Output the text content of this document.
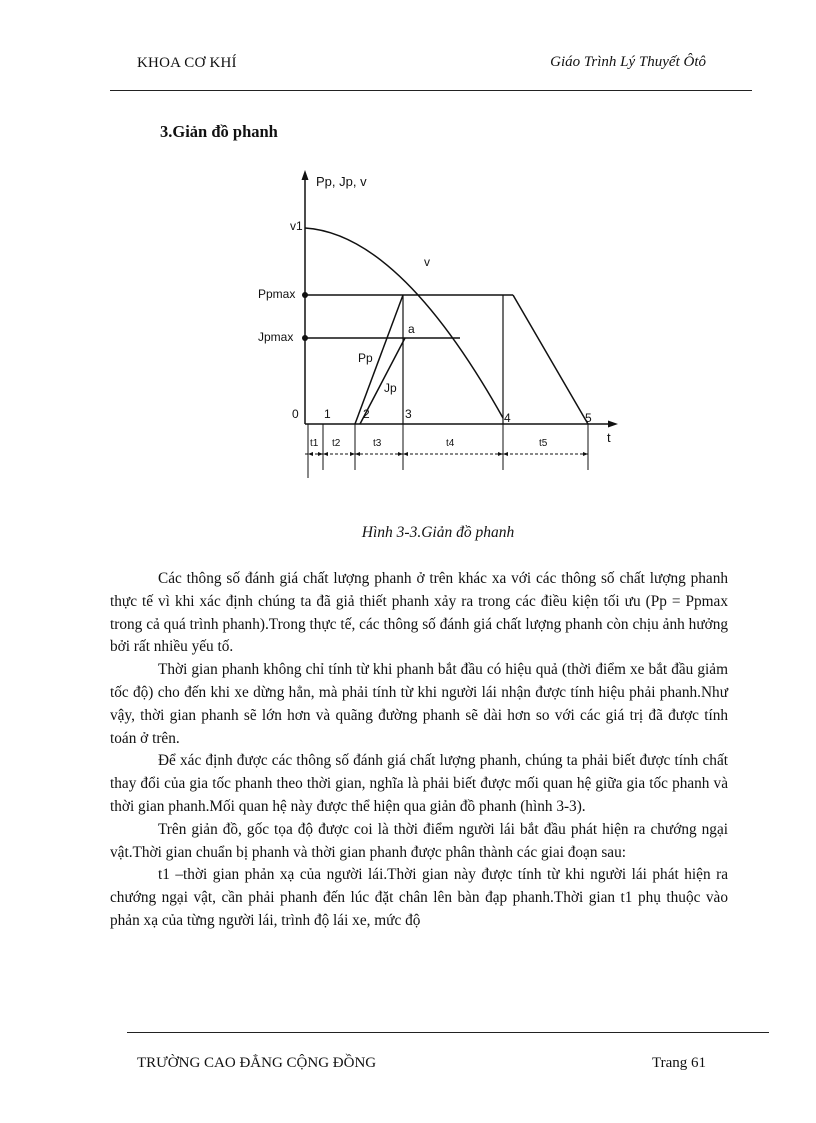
KHOA CƠ KHÍ	Giáo Trình Lý Thuyết Ôtô
3.Giản đồ phanh
Pp, Jp, v
t
v1
v
Ppmax
Jpmax
a
Pp
Jp
0 1	2	3	4	5
t1 t2	t3	t4	t5
Hình 3-3.Giản đồ phanh

Các thông số đánh giá chất lượng phanh ở trên khác xa với các thông số chất lượng phanh thực tế vì khi xác định chúng ta đã giả thiết phanh xảy ra trong các điều kiện tối ưu (Pp = Ppmax trong cả quá trình phanh).Trong thực tế, các thông số đánh giá chất lượng phanh còn chịu ảnh hưởng bởi rất nhiều yếu tố.

Thời gian phanh không chỉ tính từ khi phanh bắt đầu có hiệu quả (thời điểm xe bắt đầu giảm tốc độ) cho đến khi xe dừng hẳn, mà phải tính từ khi người lái nhận được tính hiệu phải phanh.Như vậy, thời gian phanh sẽ lớn hơn và quãng đường phanh sẽ dài hơn so với các giá trị đã được tính toán ở trên.

Để xác định được các thông số đánh giá chất lượng phanh, chúng ta phải biết được tính chất thay đổi của gia tốc phanh theo thời gian, nghĩa là phải biết được mối quan hệ giữa gia tốc phanh và thời gian phanh.Mối quan hệ này được thể hiện qua giản đồ phanh (hình 3-3).

Trên giản đồ, gốc tọa độ được coi là thời điểm người lái bắt đầu phát hiện ra chướng ngại vật.Thời gian chuẩn bị phanh và thời gian phanh được phân thành các giai đoạn sau:

t1 –thời gian phản xạ của người lái.Thời gian này được tính từ khi người lái phát hiện ra chướng ngại vật, cần phải phanh đến lúc đặt chân lên bàn đạp phanh.Thời gian t1 phụ thuộc vào phản xạ của từng người lái, trình độ lái xe, mức độ

TRƯỜNG CAO ĐẲNG CỘNG ĐỒNG	Trang 61
